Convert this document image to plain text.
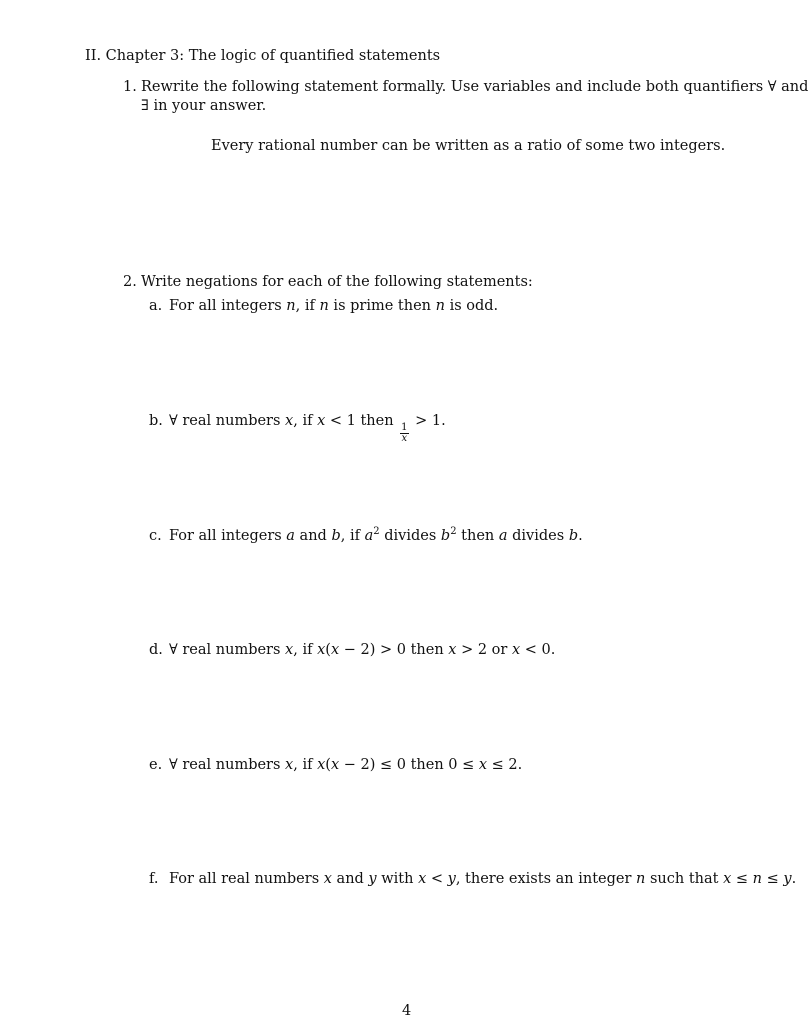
II. Chapter 3: The logic of quantified statements
1. Rewrite the following statement formally. Use variables and include both quantifiers ∀ and
∃ in your answer.
Every rational number can be written as a ratio of some two integers.
2. Write negations for each of the following statements:
a. For all integers n, if n is prime then n is odd.
b. ∀ real numbers x, if x < 1 then
$\frac{1}{x}$
> 1.
c. For all integers a and b, if $a^2$ divides $b^2$ then a divides b.
d. ∀ real numbers x, if x(x − 2) > 0 then x > 2 or x < 0.
e. ∀ real numbers x, if x(x − 2) ≤ 0 then 0 ≤ x ≤ 2.
f. For all real numbers x and y with x < y, there exists an integer n such that x ≤ n ≤ y.
4
